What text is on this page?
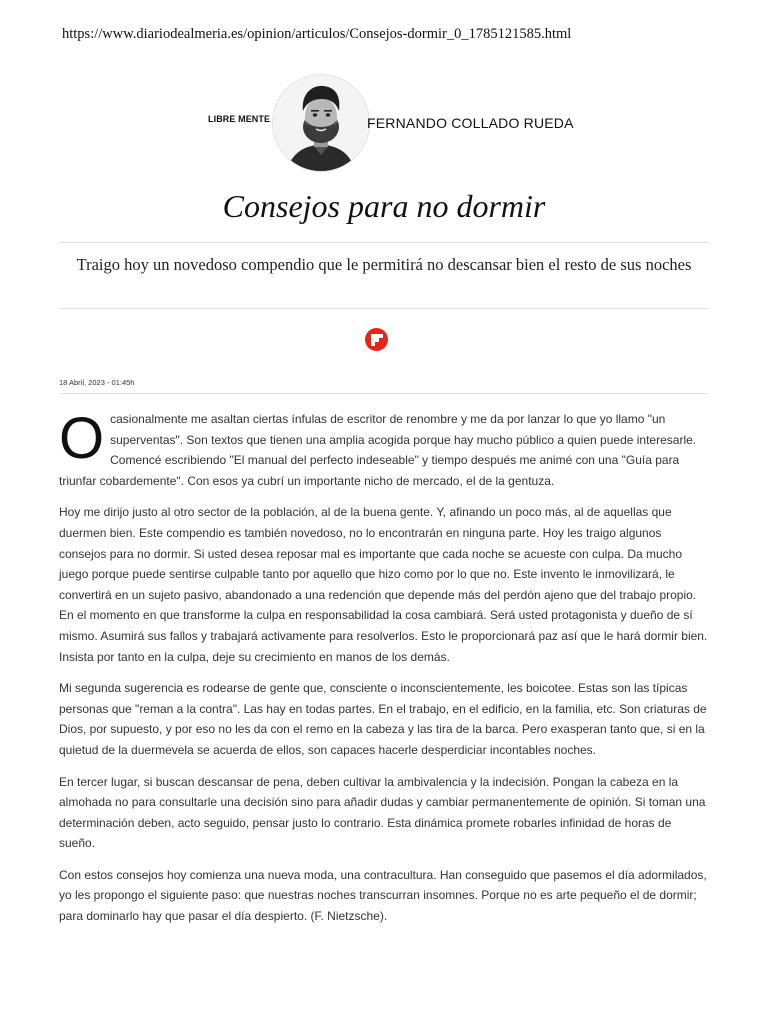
https://www.diariodealmeria.es/opinion/articulos/Consejos-dormir_0_1785121585.html
LIBRE MENTE	FERNANDO COLLADO RUEDA
Consejos para no dormir

Traigo hoy un novedoso compendio que le permitirá no descansar bien el resto de sus noches

18 Abril, 2023 - 01:45h

Ocasionalmente me asaltan ciertas ínfulas de escritor de renombre y me da por lanzar lo que yo llamo "un superventas". Son textos que tienen una amplia acogida porque hay mucho público a quien puede interesarle. Comencé escribiendo "El manual del perfecto indeseable" y tiempo después me animé con una "Guía para triunfar cobardemente". Con esos ya cubrí un importante nicho de mercado, el de la gentuza.

Hoy me dirijo justo al otro sector de la población, al de la buena gente. Y, afinando un poco más, al de aquellas que duermen bien. Este compendio es también novedoso, no lo encontrarán en ninguna parte. Hoy les traigo algunos consejos para no dormir. Si usted desea reposar mal es importante que cada noche se acueste con culpa. Da mucho juego porque puede sentirse culpable tanto por aquello que hizo como por lo que no. Este invento le inmovilizará, le convertirá en un sujeto pasivo, abandonado a una redención que depende más del perdón ajeno que del trabajo propio. En el momento en que transforme la culpa en responsabilidad la cosa cambiará. Será usted protagonista y dueño de sí mismo. Asumirá sus fallos y trabajará activamente para resolverlos. Esto le proporcionará paz así que le hará dormir bien. Insista por tanto en la culpa, deje su crecimiento en manos de los demás.

Mi segunda sugerencia es rodearse de gente que, consciente o inconscientemente, les boicotee. Estas son las típicas personas que "reman a la contra". Las hay en todas partes. En el trabajo, en el edificio, en la familia, etc. Son criaturas de Dios, por supuesto, y por eso no les da con el remo en la cabeza y las tira de la barca. Pero exasperan tanto que, si en la quietud de la duermevela se acuerda de ellos, son capaces hacerle desperdiciar incontables noches.

En tercer lugar, si buscan descansar de pena, deben cultivar la ambivalencia y la indecisión. Pongan la cabeza en la almohada no para consultarle una decisión sino para añadir dudas y cambiar permanentemente de opinión. Si toman una determinación deben, acto seguido, pensar justo lo contrario. Esta dinámica promete robarles infinidad de horas de sueño.

Con estos consejos hoy comienza una nueva moda, una contracultura. Han conseguido que pasemos el día adormilados, yo les propongo el siguiente paso: que nuestras noches transcurran insomnes. Porque no es arte pequeño el de dormir; para dominarlo hay que pasar el día despierto. (F. Nietzsche).
